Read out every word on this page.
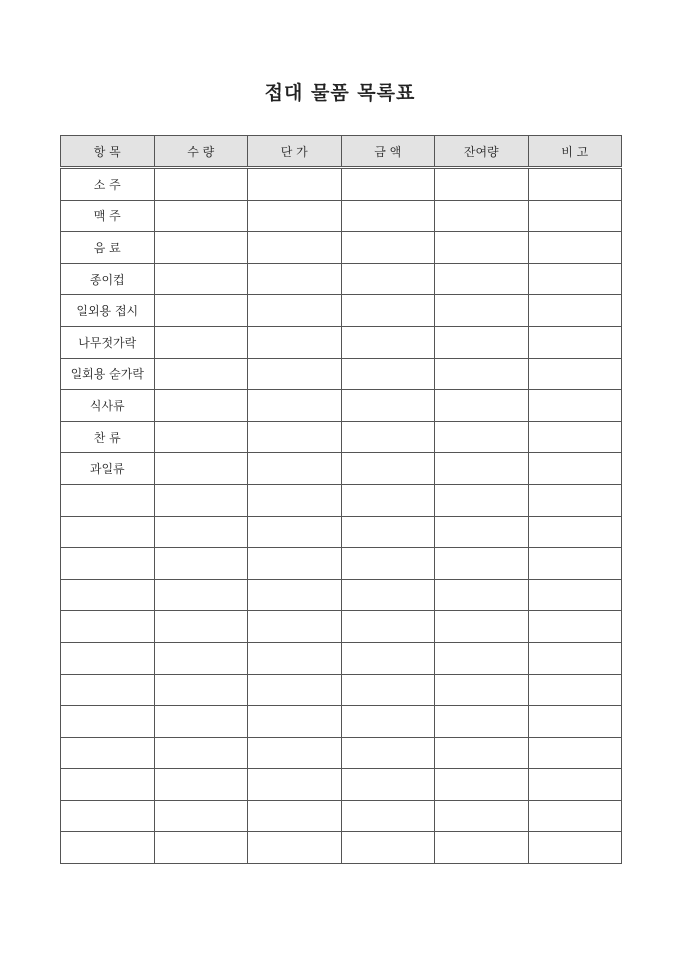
접대 물품 목록표
항 목	수 량	단 가	금 액	잔여량	비 고
소 주					
맥 주					
음 료					
종이컵					
일외용 접시					
나무젓가락					
일회용 숟가락					
식사류					
찬 류					
과일류					
